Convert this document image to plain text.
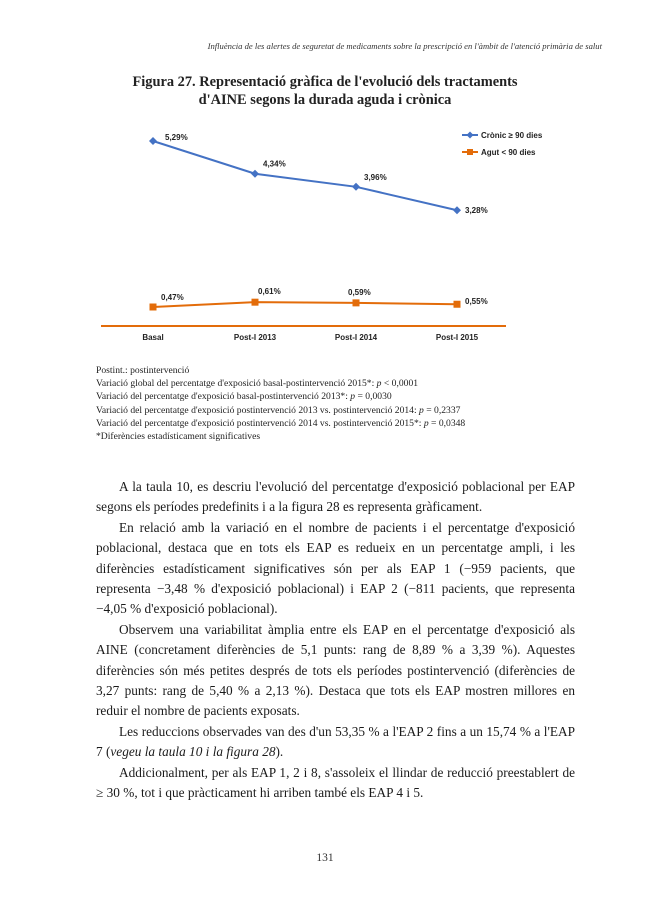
Influència de les alertes de seguretat de medicaments sobre la prescripció en l'àmbit de l'atenció primària de salut
Figura 27. Representació gràfica de l'evolució dels tractaments
d'AINE segons la durada aguda i crònica
Basal	Post-I 2013	Post-I 2014	Post-I 2015
5,29%
4,34%
3,96%
3,28%
0,47%
0,61%	0,59%
0,55%
Crònic ≥ 90 dies
Agut < 90 dies
Postint.: postintervenció
Variació global del percentatge d'exposició basal-postintervenció 2015*: p < 0,0001
Variació del percentatge d'exposició basal-postintervenció 2013*: p = 0,0030
Variació del percentatge d'exposició postintervenció 2013 vs. postintervenció 2014: p = 0,2337
Variació del percentatge d'exposició postintervenció 2014 vs. postintervenció 2015*: p = 0,0348
*Diferències estadísticament significatives

A la taula 10, es descriu l'evolució del percentatge d'exposició poblacional per EAP segons els períodes predefinits i a la figura 28 es representa gràficament.

En relació amb la variació en el nombre de pacients i el percentatge d'exposició poblacional, destaca que en tots els EAP es redueix en un percentatge ampli, i les diferències estadísticament significatives són per als EAP 1 (−959 pacients, que representa −3,48 % d'exposició poblacional) i EAP 2 (−811 pacients, que representa −4,05 % d'exposició poblacional).

Observem una variabilitat àmplia entre els EAP en el percentatge d'exposició als AINE (concretament diferències de 5,1 punts: rang de 8,89 % a 3,39 %). Aquestes diferències són més petites després de tots els períodes postintervenció (diferències de 3,27 punts: rang de 5,40 % a 2,13 %). Destaca que tots els EAP mostren millores en reduir el nombre de pacients exposats.

Les reduccions observades van des d'un 53,35 % a l'EAP 2 fins a un 15,74 % a l'EAP 7 (vegeu la taula 10 i la figura 28).

Addicionalment, per als EAP 1, 2 i 8, s'assoleix el llindar de reducció preestablert de ≥ 30 %, tot i que pràcticament hi arriben també els EAP 4 i 5.

131
